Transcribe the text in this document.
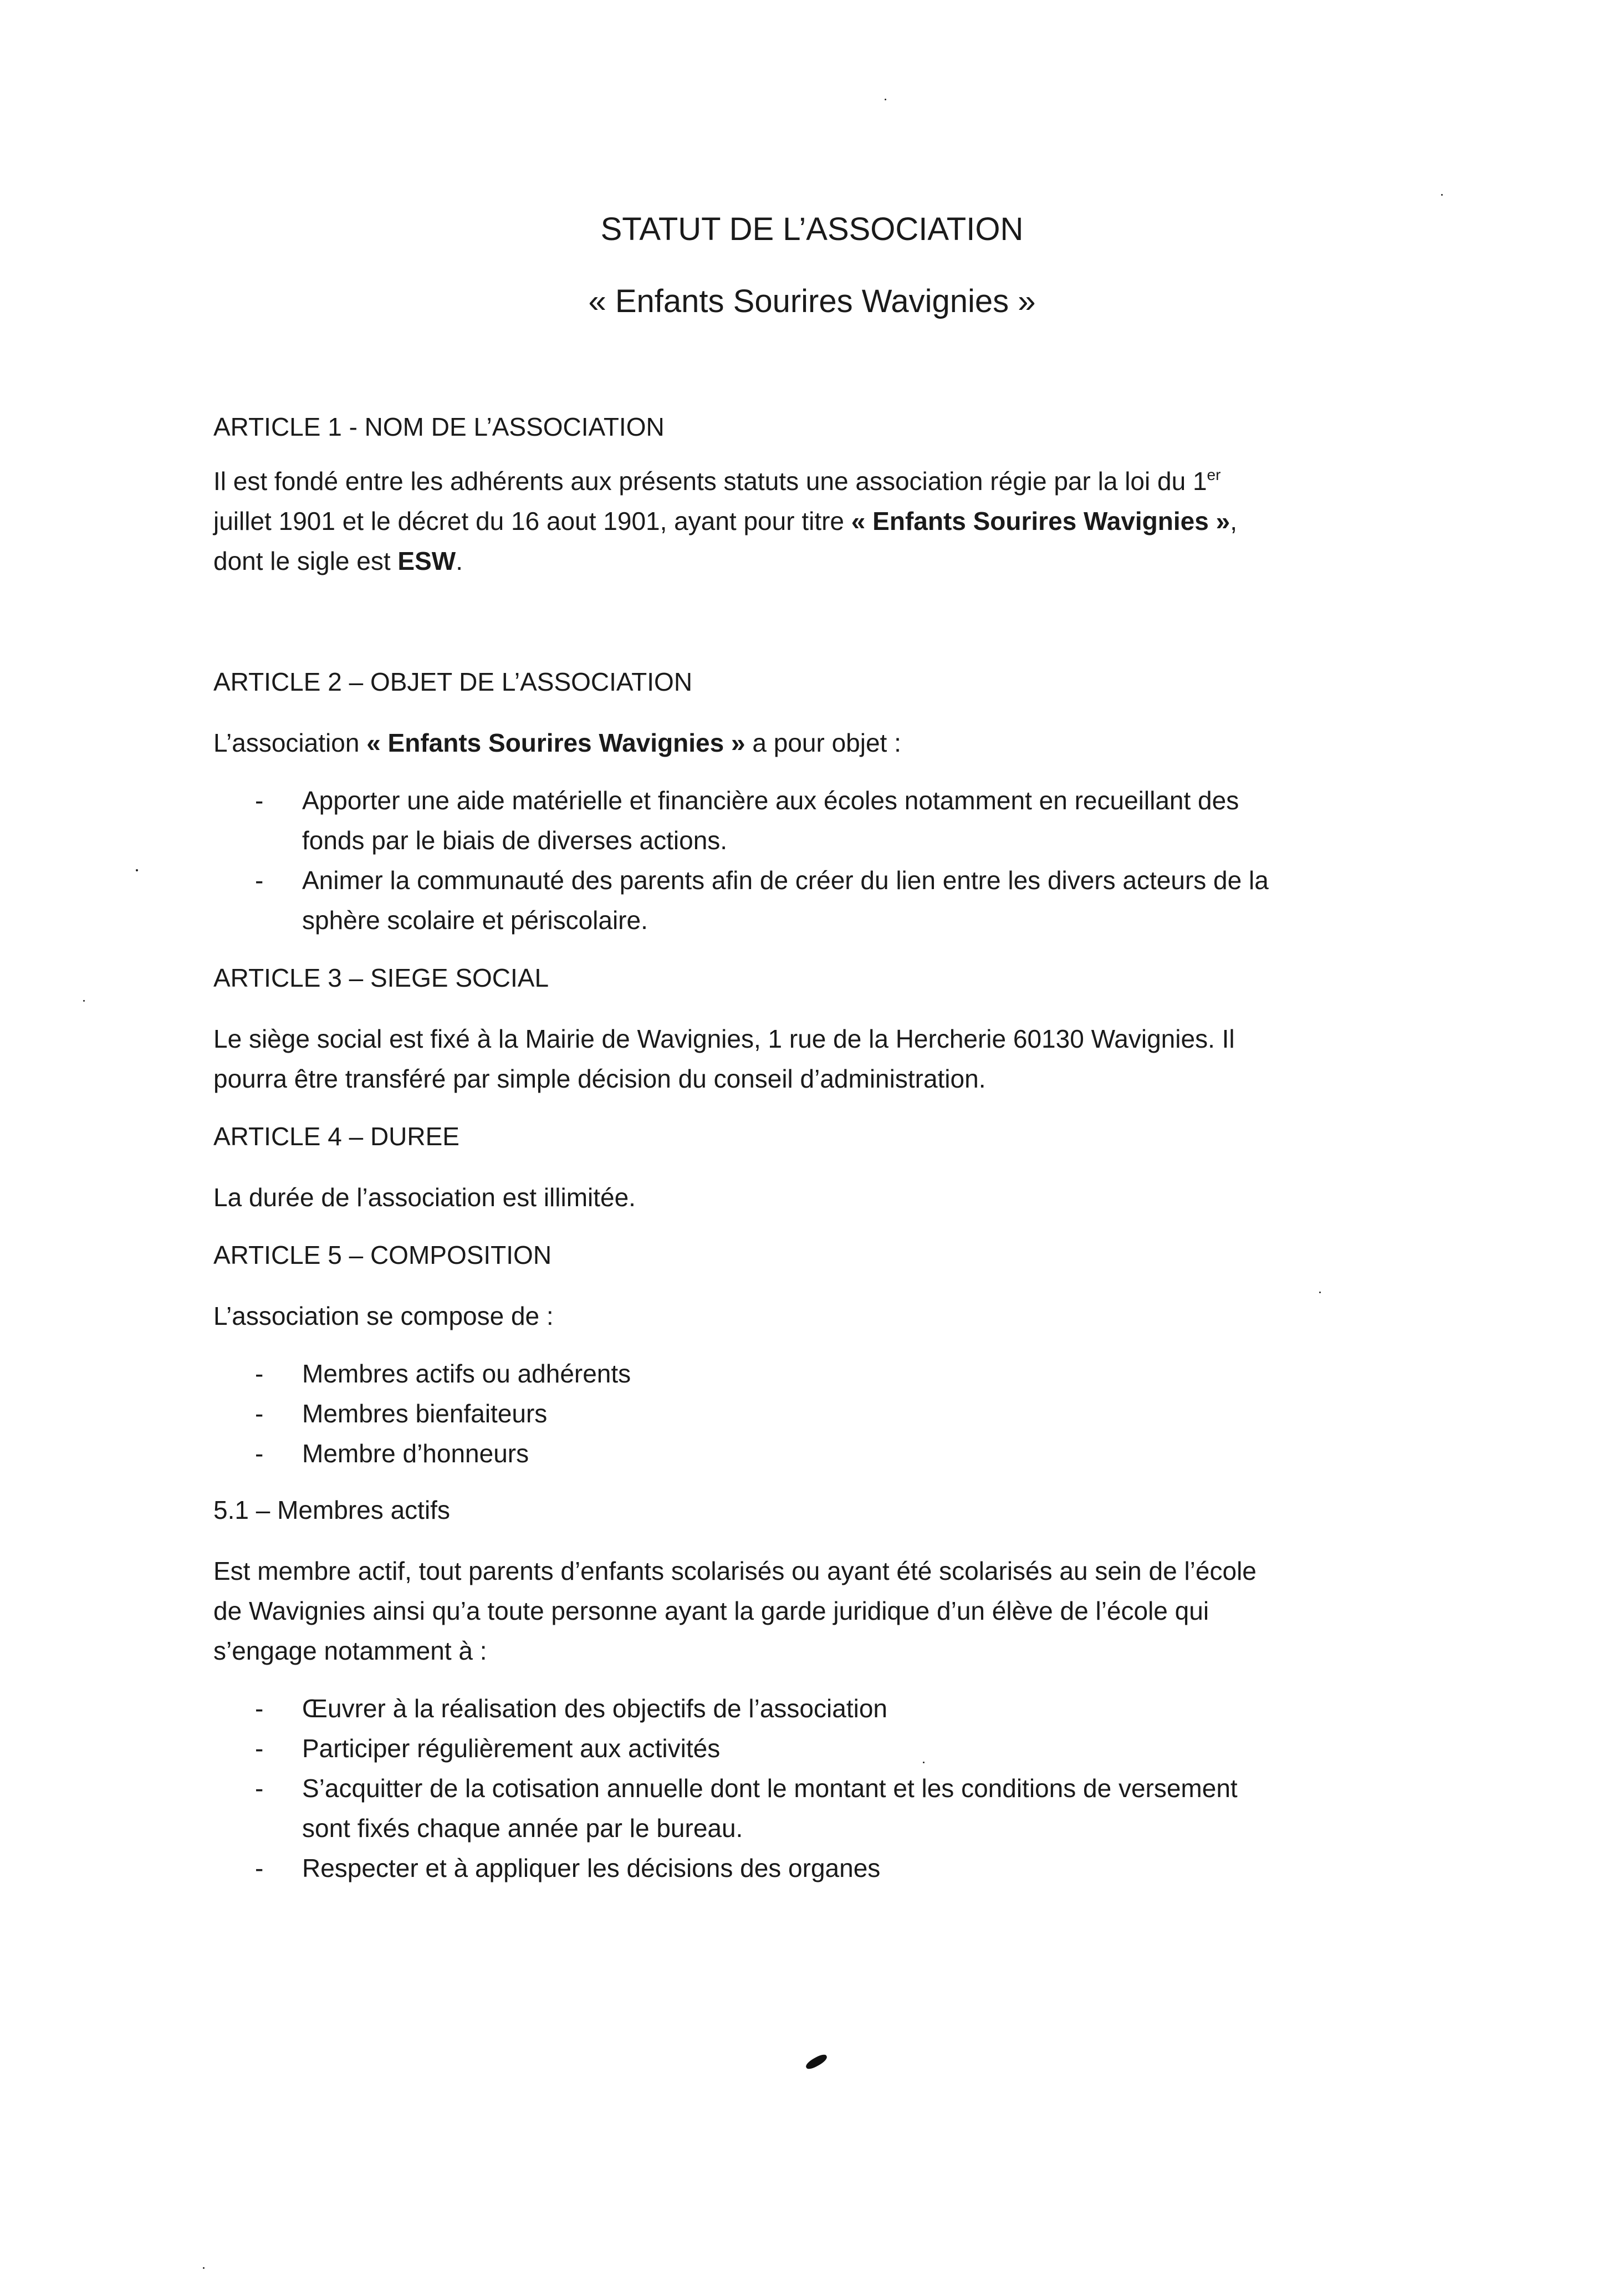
STATUT DE L’ASSOCIATION
« Enfants Sourires Wavignies »
ARTICLE 1 - NOM DE L’ASSOCIATION

Il est fondé entre les adhérents aux présents statuts une association régie par la loi du 1er

juillet 1901 et le décret du 16 aout 1901, ayant pour titre « Enfants Sourires Wavignies »,

dont le sigle est ESW.

ARTICLE 2 – OBJET DE L’ASSOCIATION

L’association « Enfants Sourires Wavignies » a pour objet :

- Apporter une aide matérielle et financière aux écoles notamment en recueillant des
fonds par le biais de diverses actions.
- Animer la communauté des parents afin de créer du lien entre les divers acteurs de la
sphère scolaire et périscolaire.
ARTICLE 3 – SIEGE SOCIAL

Le siège social est fixé à la Mairie de Wavignies, 1 rue de la Hercherie 60130 Wavignies. Il

pourra être transféré par simple décision du conseil d’administration.

ARTICLE 4 – DUREE

La durée de l’association est illimitée.

ARTICLE 5 – COMPOSITION

L’association se compose de :

- Membres actifs ou adhérents
- Membres bienfaiteurs
- Membre d’honneurs
5.1 – Membres actifs

Est membre actif, tout parents d’enfants scolarisés ou ayant été scolarisés au sein de l’école

de Wavignies ainsi qu’a toute personne ayant la garde juridique d’un élève de l’école qui

s’engage notamment à :

- Œuvrer à la réalisation des objectifs de l’association
- Participer régulièrement aux activités
- S’acquitter de la cotisation annuelle dont le montant et les conditions de versement
sont fixés chaque année par le bureau.
- Respecter et à appliquer les décisions des organes
